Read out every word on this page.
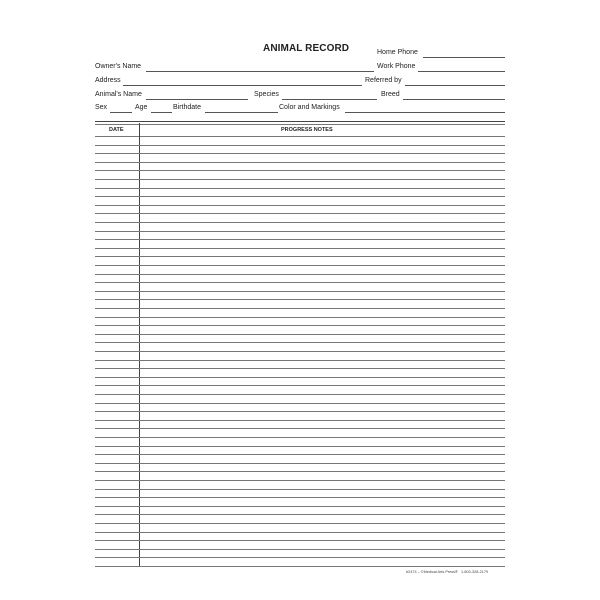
ANIMAL RECORD	Home Phone
Owner's Name	Work Phone
Address	Referred by
Animal's Name	Species	Breed
Sex	Age	Birthdate	Color and Markings
DATE	PROGRESS NOTES
#2474 – ©Medical Arts Press® 1-800-328-2179
